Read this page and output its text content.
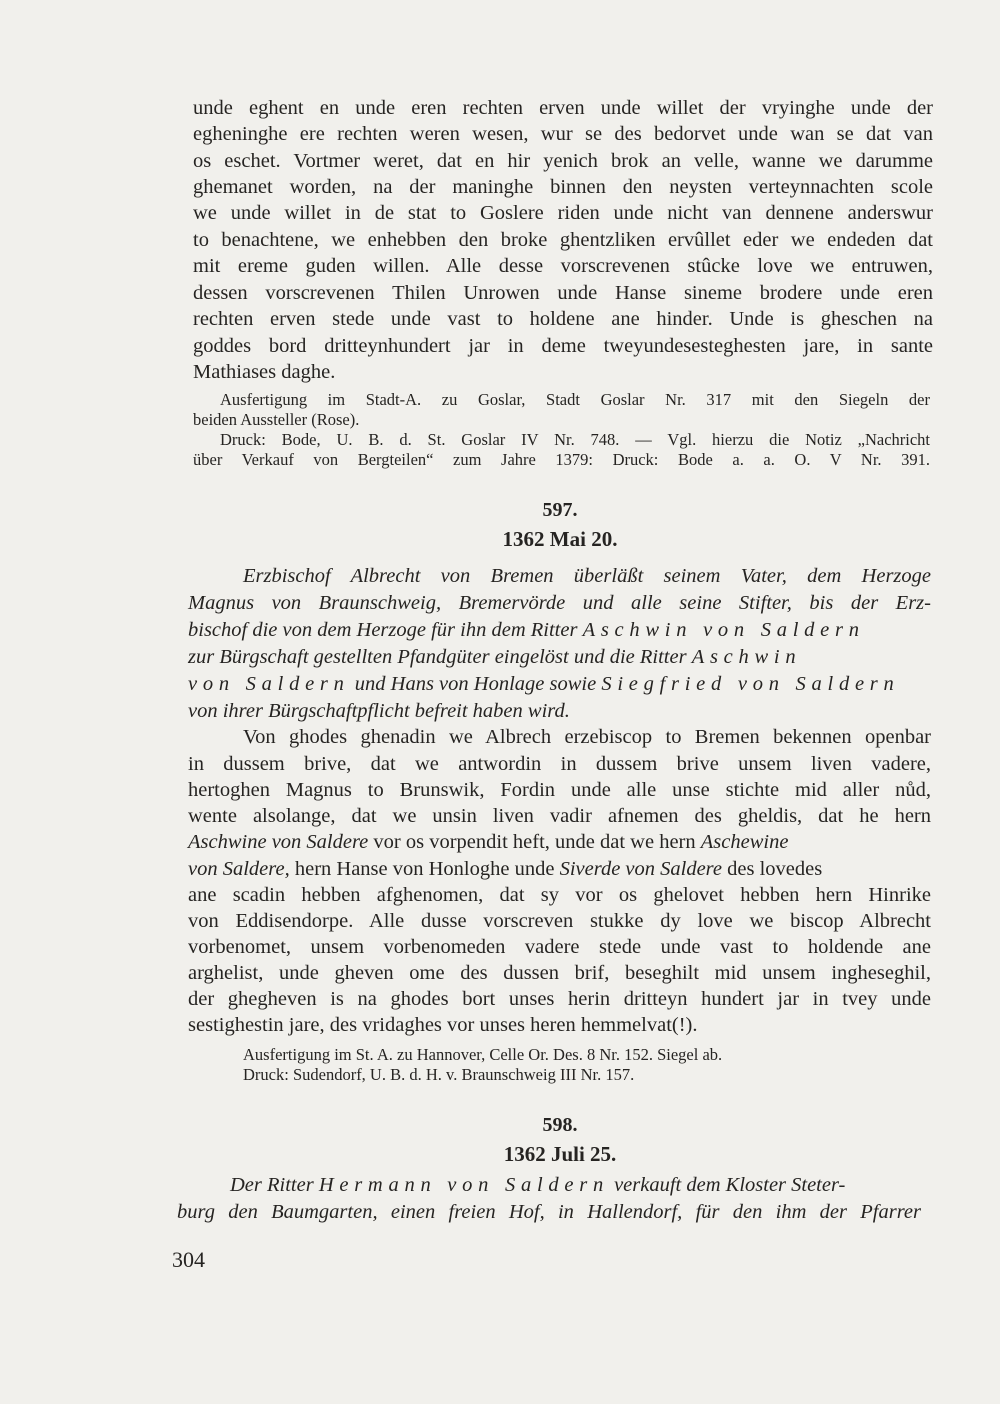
unde eghent en unde eren rechten erven unde willet der vryinghe unde der
egheninghe ere rechten weren wesen, wur se des bedorvet unde wan se dat van
os eschet. Vortmer weret, dat en hir yenich brok an velle, wanne we darumme
ghemanet worden, na der maninghe binnen den neysten verteynnachten scole
we unde willet in de stat to Goslere riden unde nicht van dennene anderswur
to benachtene, we enhebben den broke ghentzliken ervûllet eder we endeden dat
mit ereme guden willen. Alle desse vorscrevenen stûcke love we entruwen,
dessen vorscrevenen Thilen Unrowen unde Hanse sineme brodere unde eren
rechten erven stede unde vast to holdene ane hinder. Unde is gheschen na
goddes bord dritteynhundert jar in deme tweyundesesteghesten jare, in sante
Mathiases daghe.
Ausfertigung im Stadt-A. zu Goslar, Stadt Goslar Nr. 317 mit den Siegeln der
beiden Aussteller (Rose).
Druck: Bode, U. B. d. St. Goslar IV Nr. 748. — Vgl. hierzu die Notiz „Nachricht
über Verkauf von Bergteilen“ zum Jahre 1379: Druck: Bode a. a. O. V Nr. 391.
597.
1362 Mai 20.
Erzbischof Albrecht von Bremen überläßt seinem Vater, dem Herzoge
Magnus von Braunschweig, Bremervörde und alle seine Stifter, bis der Erz-
bischof die von dem Herzoge für ihn dem Ritter Aschwin von Saldern
zur Bürgschaft gestellten Pfandgüter eingelöst und die Ritter Aschwin
von Saldern und Hans von Honlage sowie Siegfried von Saldern
von ihrer Bürgschaftpflicht befreit haben wird.
Von ghodes ghenadin we Albrech erzebiscop to Bremen bekennen openbar
in dussem brive, dat we antwordin in dussem brive unsem liven vadere,
hertoghen Magnus to Brunswik, Fordin unde alle unse stichte mid aller nůd,
wente alsolange, dat we unsin liven vadir afnemen des gheldis, dat he hern
Aschwine von Saldere vor os vorpendit heft, unde dat we hern Aschewine
von Saldere, hern Hanse von Honloghe unde Siverde von Saldere des lovedes
ane scadin hebben afghenomen, dat sy vor os ghelovet hebben hern Hinrike
von Eddisendorpe. Alle dusse vorscreven stukke dy love we biscop Albrecht
vorbenomet, unsem vorbenomeden vadere stede unde vast to holdende ane
arghelist, unde gheven ome des dussen brif, beseghilt mid unsem ingheseghil,
der ghegheven is na ghodes bort unses herin dritteyn hundert jar in tvey unde
sestighestin jare, des vridaghes vor unses heren hemmelvat(!).
Ausfertigung im St. A. zu Hannover, Celle Or. Des. 8 Nr. 152. Siegel ab.
Druck: Sudendorf, U. B. d. H. v. Braunschweig III Nr. 157.
598.
1362 Juli 25.
Der Ritter Hermann von Saldern verkauft dem Kloster Steter-
burg den Baumgarten, einen freien Hof, in Hallendorf, für den ihm der Pfarrer
304
